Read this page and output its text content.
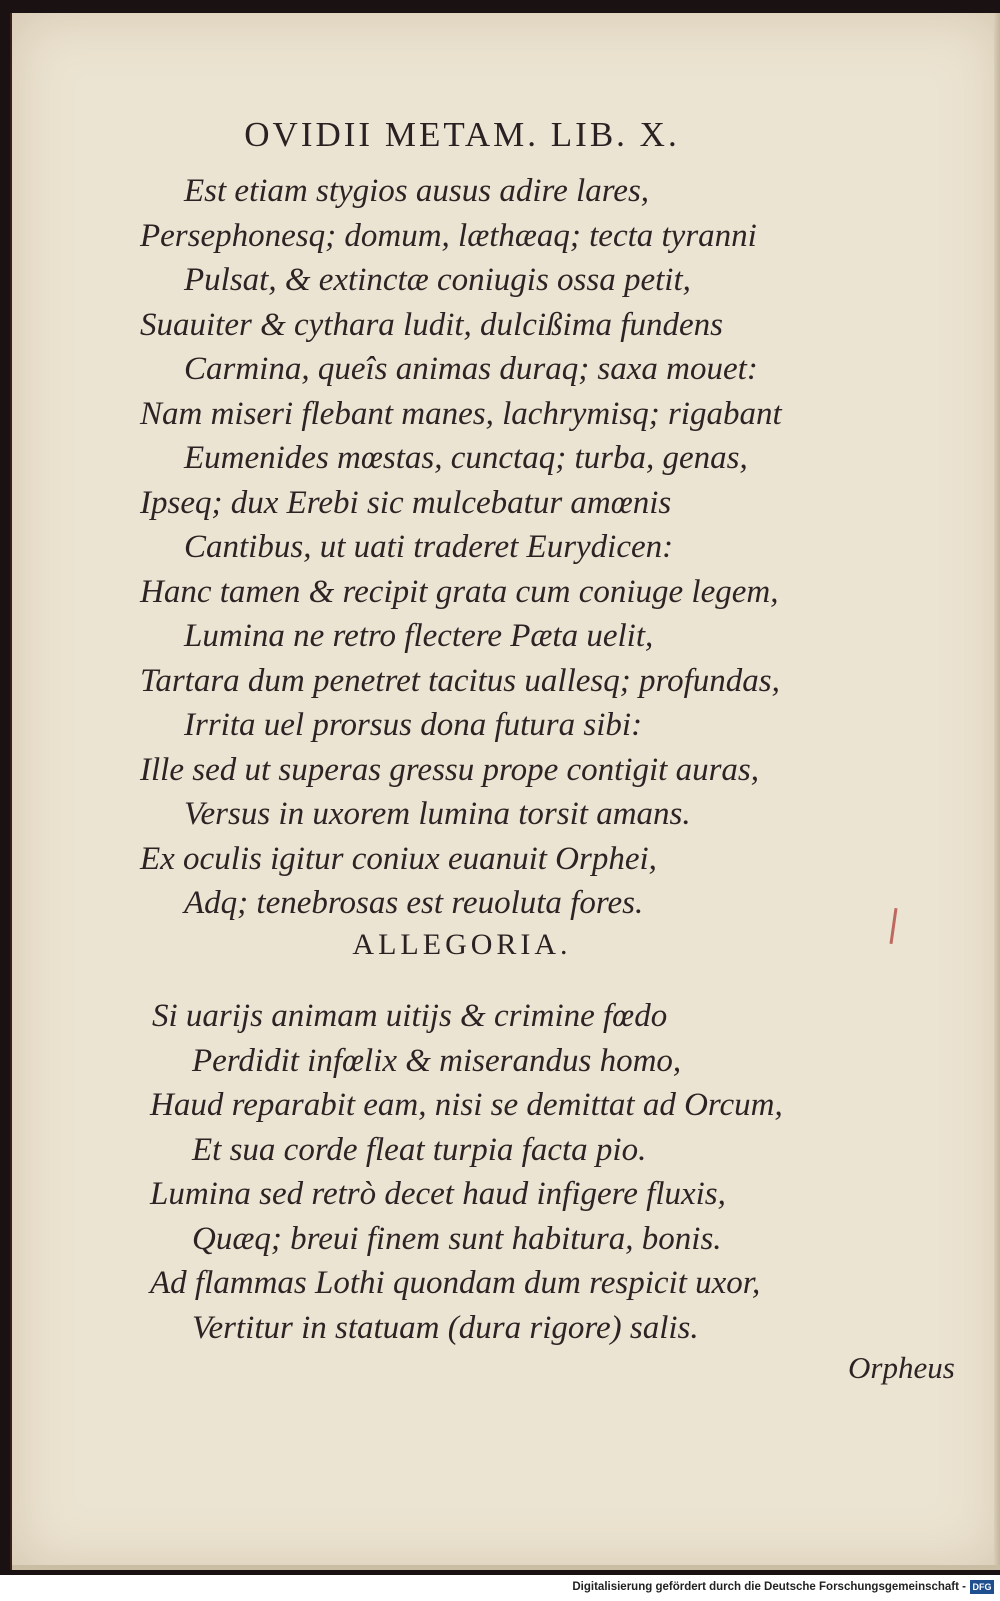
OVIDII METAM. LIB. X.

Est etiam stygios ausus adire lares,

Persephonesq; domum, læthæaq; tecta tyranni

Pulsat, & extinctæ coniugis ossa petit,

Suauiter & cythara ludit, dulcißima fundens

Carmina, queîs animas duraq; saxa mouet:

Nam miseri flebant manes, lachrymisq; rigabant

Eumenides mœstas, cunctaq; turba, genas,

Ipseq; dux Erebi sic mulcebatur amœnis

Cantibus, ut uati traderet Eurydicen:

Hanc tamen & recipit grata cum coniuge legem,

Lumina ne retro flectere Pæta uelit,

Tartara dum penetret tacitus uallesq; profundas,

Irrita uel prorsus dona futura sibi:

Ille sed ut superas gressu prope contigit auras,

Versus in uxorem lumina torsit amans.

Ex oculis igitur coniux euanuit Orphei,

Adq; tenebrosas est reuoluta fores.

ALLEGORIA.

Si uarijs animam uitijs & crimine fœdo

Perdidit infœlix & miserandus homo,

Haud reparabit eam, nisi se demittat ad Orcum,

Et sua corde fleat turpia facta pio.

Lumina sed retrò decet haud infigere fluxis,

Quæq; breui finem sunt habitura, bonis.

Ad flammas Lothi quondam dum respicit uxor,

Vertitur in statuam (dura rigore) salis.

Orpheus
Digitalisierung gefördert durch die Deutsche Forschungsgemeinschaft - DFG
